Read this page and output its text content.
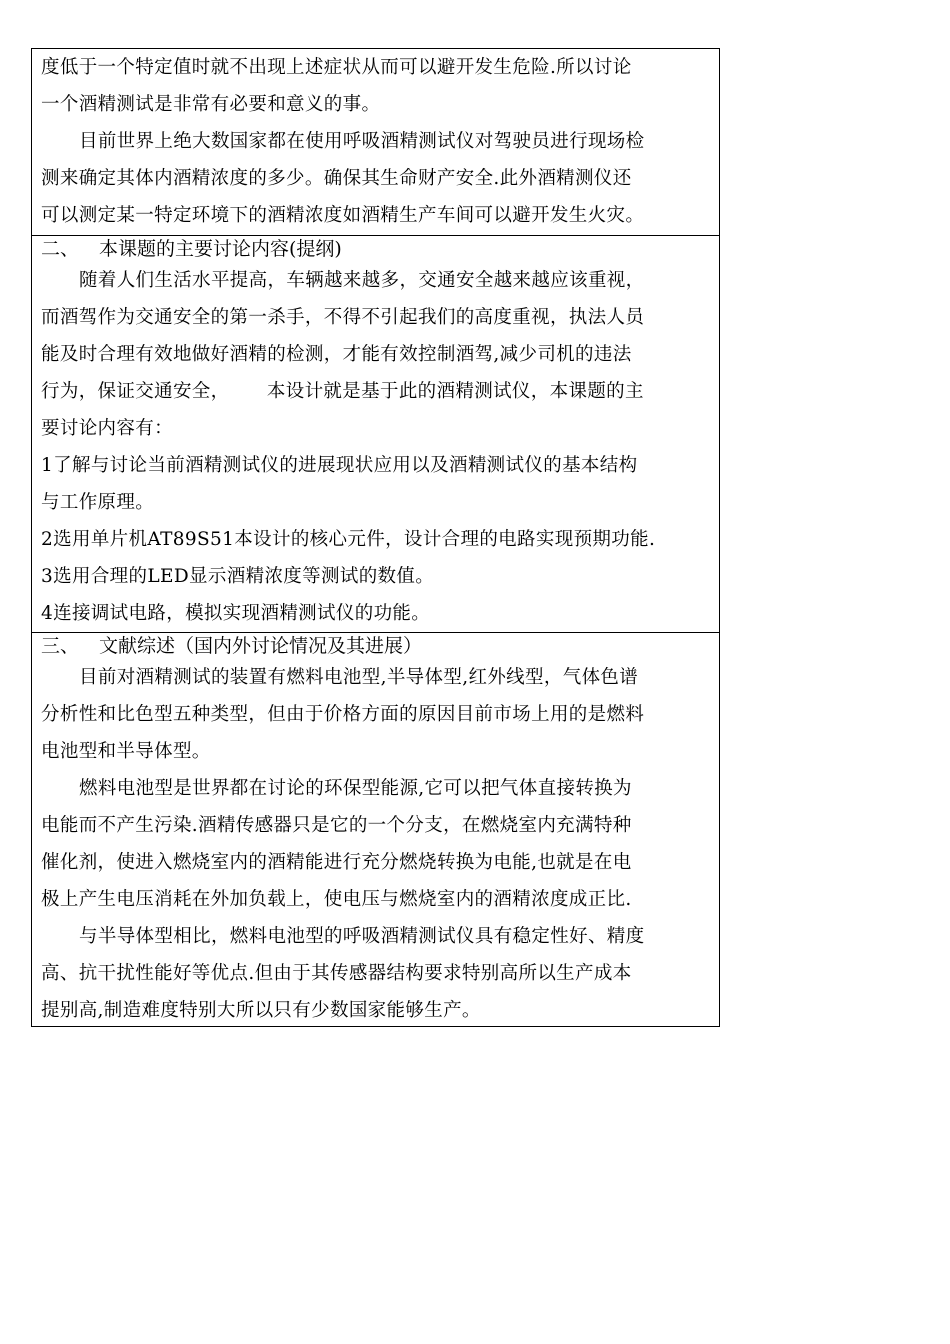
度低于一个特定值时就不出现上述症状从而可以避开发生危险.所以讨论
一个酒精测试是非常有必要和意义的事。
目前世界上绝大数国家都在使用呼吸酒精测试仪对驾驶员进行现场检
测来确定其体内酒精浓度的多少。确保其生命财产安全.此外酒精测仪还
可以测定某一特定环境下的酒精浓度如酒精生产车间可以避开发生火灾。
二、 本课题的主要讨论内容(提纲)
随着人们生活水平提高，车辆越来越多，交通安全越来越应该重视，
而酒驾作为交通安全的第一杀手，不得不引起我们的高度重视，执法人员
能及时合理有效地做好酒精的检测，才能有效控制酒驾,减少司机的违法
行为，保证交通安全，      本设计就是基于此的酒精测试仪，本课题的主
要讨论内容有：
1了解与讨论当前酒精测试仪的进展现状应用以及酒精测试仪的基本结构
与工作原理。
2选用单片机AT89S51本设计的核心元件，设计合理的电路实现预期功能.
3选用合理的LED显示酒精浓度等测试的数值。
4连接调试电路，模拟实现酒精测试仪的功能。
三、 文献综述（国内外讨论情况及其进展）
目前对酒精测试的装置有燃料电池型,半导体型,红外线型，气体色谱
分析性和比色型五种类型，但由于价格方面的原因目前市场上用的是燃料
电池型和半导体型。
燃料电池型是世界都在讨论的环保型能源,它可以把气体直接转换为
电能而不产生污染.酒精传感器只是它的一个分支，在燃烧室内充满特种
催化剂，使进入燃烧室内的酒精能进行充分燃烧转换为电能,也就是在电
极上产生电压消耗在外加负载上，使电压与燃烧室内的酒精浓度成正比.
与半导体型相比，燃料电池型的呼吸酒精测试仪具有稳定性好、精度
高、抗干扰性能好等优点.但由于其传感器结构要求特别高所以生产成本
提别高,制造难度特别大所以只有少数国家能够生产。
